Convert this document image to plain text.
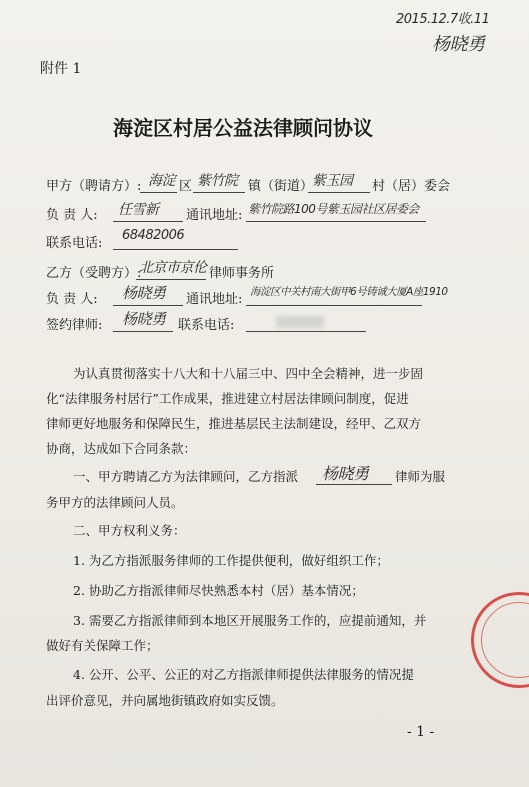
2015.12.7收.11
杨晓勇
附件 1
海淀区村居公益法律顾问协议
甲方（聘请方）: 海淀 区 紫竹院 镇（街道）
紫玉园 村（居）委会
负 责 人: 任雪新 通讯地址: 紫竹院路100号紫玉园社区居委会
联系电话:
68482006
乙方（受聘方）:
北京市京伦 律师事务所
负 责 人: 杨晓勇 通讯地址: 海淀区中关村南大街甲6号铸诚大厦A座1910
签约律师: 杨晓勇 联系电话:
为认真贯彻落实十八大和十八届三中、四中全会精神，进一步固
化“法律服务村居行”工作成果，推进建立村居法律顾问制度，促进
律师更好地服务和保障民生，推进基层民主法制建设，经甲、乙双方
协商，达成如下合同条款：
一、甲方聘请乙方为法律顾问，乙方指派 杨晓勇 律师为服
务甲方的法律顾问人员。
二、甲方权利义务：
1. 为乙方指派服务律师的工作提供便利，做好组织工作；
2. 协助乙方指派律师尽快熟悉本村（居）基本情况；
3. 需要乙方指派律师到本地区开展服务工作的，应提前通知，并
做好有关保障工作；
4. 公开、公平、公正的对乙方指派律师提供法律服务的情况提
出评价意见，并向属地街镇政府如实反馈。
- 1 -
